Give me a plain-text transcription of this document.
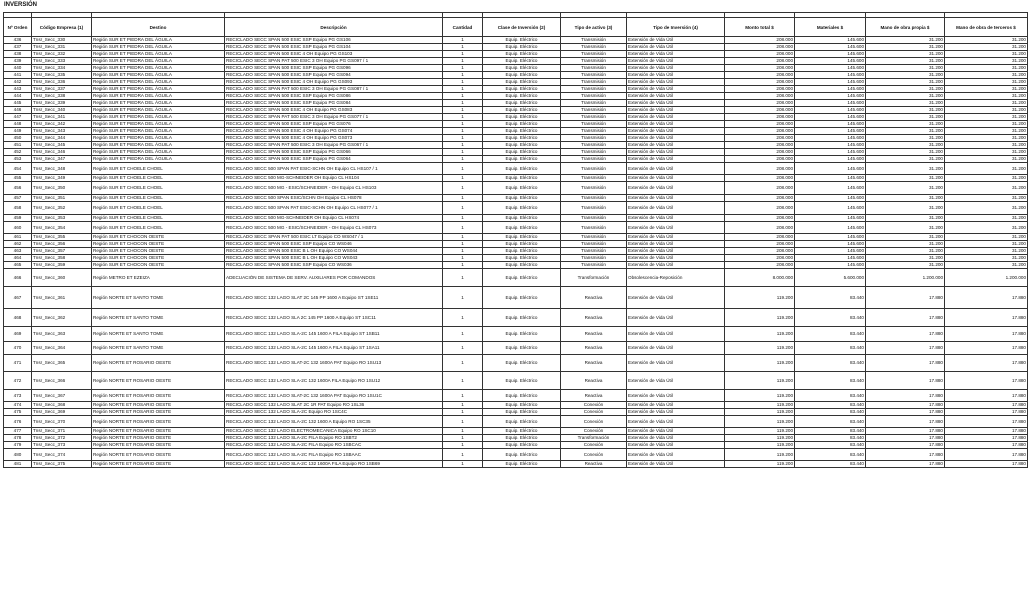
INVERSIÓN

Nº Orden	Código Empresa (1)	Destino	Descripción	Cantidad	Clase de Inversión (2)	Tipo de activo (3)	Tipo de Inversión (4)	Monto total $	Materiales $	Mano de obra propia $	Mano de obra de terceros $
436	Tnsr_Secc_330	Región SUR ET PIEDRA DEL ÁGUILA	RECICLADO SECC SPAN 500 ESIC SSP Equipo PG GS106	1	Equip. Eléctrico	Transmisión	Extensión de Vida Útil	208.000	145.600	31.200	31.200
437	Tnsr_Secc_331	Región SUR ET PIEDRA DEL ÁGUILA	RECICLADO SECC SPAN 500 ESIC SSP Equipo PG GS104	1	Equip. Eléctrico	Transmisión	Extensión de Vida Útil	208.000	145.600	31.200	31.200
438	Tnsr_Secc_332	Región SUR ET PIEDRA DEL ÁGUILA	RECICLADO SECC SPAN 500 ESIC 4 OH Equipo PG GS103	1	Equip. Eléctrico	Transmisión	Extensión de Vida Útil	208.000	145.600	31.200	31.200
439	Tnsr_Secc_333	Región SUR ET PIEDRA DEL ÁGUILA	RECICLADO SECC SPAN PAT 500 ESIC 3 OH Equipo PG GS097 / 1	1	Equip. Eléctrico	Transmisión	Extensión de Vida Útil	208.000	145.600	31.200	31.200
440	Tnsr_Secc_334	Región SUR ET PIEDRA DEL ÁGUILA	RECICLADO SECC SPAN 500 ESIC SSP Equipo PG GS096	1	Equip. Eléctrico	Transmisión	Extensión de Vida Útil	208.000	145.600	31.200	31.200
441	Tnsr_Secc_335	Región SUR ET PIEDRA DEL ÁGUILA	RECICLADO SECC SPAN 500 ESIC SSP Equipo PG GS094	1	Equip. Eléctrico	Transmisión	Extensión de Vida Útil	208.000	145.600	31.200	31.200
442	Tnsr_Secc_336	Región SUR ET PIEDRA DEL ÁGUILA	RECICLADO SECC SPAN 500 ESIC 4 OH Equipo PG GS093	1	Equip. Eléctrico	Transmisión	Extensión de Vida Útil	208.000	145.600	31.200	31.200
443	Tnsr_Secc_337	Región SUR ET PIEDRA DEL ÁGUILA	RECICLADO SECC SPAN PAT 500 ESIC 3 OH Equipo PG GS087 / 1	1	Equip. Eléctrico	Transmisión	Extensión de Vida Útil	208.000	145.600	31.200	31.200
444	Tnsr_Secc_338	Región SUR ET PIEDRA DEL ÁGUILA	RECICLADO SECC SPAN 500 ESIC SSP Equipo PG GS086	1	Equip. Eléctrico	Transmisión	Extensión de Vida Útil	208.000	145.600	31.200	31.200
445	Tnsr_Secc_339	Región SUR ET PIEDRA DEL ÁGUILA	RECICLADO SECC SPAN 500 ESIC SSP Equipo PG GS084	1	Equip. Eléctrico	Transmisión	Extensión de Vida Útil	208.000	145.600	31.200	31.200
446	Tnsr_Secc_340	Región SUR ET PIEDRA DEL ÁGUILA	RECICLADO SECC SPAN 500 ESIC 4 OH Equipo PG GS083	1	Equip. Eléctrico	Transmisión	Extensión de Vida Útil	208.000	145.600	31.200	31.200
447	Tnsr_Secc_341	Región SUR ET PIEDRA DEL ÁGUILA	RECICLADO SECC SPAN PAT 500 ESIC 3 OH Equipo PG GS077 / 1	1	Equip. Eléctrico	Transmisión	Extensión de Vida Útil	208.000	145.600	31.200	31.200
448	Tnsr_Secc_342	Región SUR ET PIEDRA DEL ÁGUILA	RECICLADO SECC SPAN 500 ESIC SSP Equipo PG GS076	1	Equip. Eléctrico	Transmisión	Extensión de Vida Útil	208.000	145.600	31.200	31.200
449	Tnsr_Secc_343	Región SUR ET PIEDRA DEL ÁGUILA	RECICLADO SECC SPAN 500 ESIC 4 OH Equipo PG GS074	1	Equip. Eléctrico	Transmisión	Extensión de Vida Útil	208.000	145.600	31.200	31.200
450	Tnsr_Secc_344	Región SUR ET PIEDRA DEL ÁGUILA	RECICLADO SECC SPAN 500 ESIC 4 OH Equipo PG GS073	1	Equip. Eléctrico	Transmisión	Extensión de Vida Útil	208.000	145.600	31.200	31.200
451	Tnsr_Secc_345	Región SUR ET PIEDRA DEL ÁGUILA	RECICLADO SECC SPAN PAT 500 ESIC 3 OH Equipo PG GS067 / 1	1	Equip. Eléctrico	Transmisión	Extensión de Vida Útil	208.000	145.600	31.200	31.200
452	Tnsr_Secc_346	Región SUR ET PIEDRA DEL ÁGUILA	RECICLADO SECC SPAN 500 ESIC SSP Equipo PG GS066	1	Equip. Eléctrico	Transmisión	Extensión de Vida Útil	208.000	145.600	31.200	31.200
453	Tnsr_Secc_347	Región SUR ET PIEDRA DEL ÁGUILA	RECICLADO SECC SPAN 500 ESIC SSP Equipo PG GS064	1	Equip. Eléctrico	Transmisión	Extensión de Vida Útil	208.000	145.600	31.200	31.200
454	Tnsr_Secc_348	Región SUR ET CHOELE CHOEL	RECICLADO SECC 500 SPAN PAT ESIC-SCHN OH Equipo CL HS107 / 1	1	Equip. Eléctrico	Transmisión	Extensión de Vida Útil	208.000	145.600	31.200	31.200
455	Tnsr_Secc_349	Región SUR ET CHOELE CHOEL	RECICLADO SECC 500 MG-SCHNEIDER OH Equipo CL HS104	1	Equip. Eléctrico	Transmisión	Extensión de Vida Útil	208.000	145.600	31.200	31.200
456	Tnsr_Secc_350	Región SUR ET CHOELE CHOEL	RECICLADO SECC 500 MG - ESIC/SCHNEIDER - OH Equipo CL HS103	1	Equip. Eléctrico	Transmisión	Extensión de Vida Útil	208.000	145.600	31.200	31.200
457	Tnsr_Secc_351	Región SUR ET CHOELE CHOEL	RECICLADO SECC 500 SPAN ESIC/SCHN OH Equipo CL HS078	1	Equip. Eléctrico	Transmisión	Extensión de Vida Útil	208.000	145.600	31.200	31.200
458	Tnsr_Secc_352	Región SUR ET CHOELE CHOEL	RECICLADO SECC 500 SPAN PAT ESIC-SCHN OH Equipo CL HS077 / 1	1	Equip. Eléctrico	Transmisión	Extensión de Vida Útil	208.000	145.600	31.200	31.200
459	Tnsr_Secc_353	Región SUR ET CHOELE CHOEL	RECICLADO SECC 500 MG-SCHNEIDER OH Equipo CL HS074	1	Equip. Eléctrico	Transmisión	Extensión de Vida Útil	208.000	145.600	31.200	31.200
460	Tnsr_Secc_354	Región SUR ET CHOELE CHOEL	RECICLADO SECC 500 MG - ESIC/SCHNEIDER - OH Equipo CL HS073	1	Equip. Eléctrico	Transmisión	Extensión de Vida Útil	208.000	145.600	31.200	31.200
461	Tnsr_Secc_355	Región SUR ET CHOCON OESTE	RECICLADO SECC SPAN PAT 500 ESIC LT Equipo CO WS047 / 1	1	Equip. Eléctrico	Transmisión	Extensión de Vida Útil	208.000	145.600	31.200	31.200
462	Tnsr_Secc_356	Región SUR ET CHOCON OESTE	RECICLADO SECC SPAN 500 ESIC SSP Equipo CO WS046	1	Equip. Eléctrico	Transmisión	Extensión de Vida Útil	208.000	145.600	31.200	31.200
463	Tnsr_Secc_357	Región SUR ET CHOCON OESTE	RECICLADO SECC SPAN 500 ESIC B L OH Equipo CO WS044	1	Equip. Eléctrico	Transmisión	Extensión de Vida Útil	208.000	145.600	31.200	31.200
464	Tnsr_Secc_358	Región SUR ET CHOCON OESTE	RECICLADO SECC SPAN 500 ESIC B L OH Equipo CO WS043	1	Equip. Eléctrico	Transmisión	Extensión de Vida Útil	208.000	145.600	31.200	31.200
465	Tnsr_Secc_359	Región SUR ET CHOCON OESTE	RECICLADO SECC SPAN 500 ESIC SSP Equipo CO WS036	1	Equip. Eléctrico	Transmisión	Extensión de Vida Útil	208.000	145.600	31.200	31.200
466	Tnsr_Secc_360	Región METRO ET EZEIZA	ADECUACIÓN DE SISTEMA DE SERV. AUXILIARES POR COMANDOS	1	Equip. Eléctrico	Transformación	Obsolescencia-Reposición	8.000.000	5.600.000	1.200.000	1.200.000
467	Tnsr_Secc_361	Región NORTE ET SANTO TOME	RECICLADO SECC 132 LAGO SLAT 2C 145 PP 1600 A Equipo ST 1SE11	1	Equip. Eléctrico	Reactiva	Extensión de Vida Útil	119.200	83.440	17.880	17.880
468	Tnsr_Secc_362	Región NORTE ET SANTO TOME	RECICLADO SECC 132 LAGO SLA 2C 145 PP 1600 A Equipo ST 1SC11	1	Equip. Eléctrico	Reactiva	Extensión de Vida Útil	119.200	83.440	17.880	17.880
469	Tnsr_Secc_363	Región NORTE ET SANTO TOME	RECICLADO SECC 132 LAGO SLA-2C 145 1600 A FILA Equipo ST 1SB11	1	Equip. Eléctrico	Reactiva	Extensión de Vida Útil	119.200	83.440	17.880	17.880
470	Tnsr_Secc_364	Región NORTE ET SANTO TOME	RECICLADO SECC 132 LAGO SLA-2C 145 1600 A FILA Equipo ST 1SA11	1	Equip. Eléctrico	Reactiva	Extensión de Vida Útil	119.200	83.440	17.880	17.880
471	Tnsr_Secc_365	Región NORTE ET ROSARIO OESTE	RECICLADO SECC 132 LAGO SLAT-2C 132 1600A PAT Equipo RO 1SU13	1	Equip. Eléctrico	Reactiva	Extensión de Vida Útil	119.200	83.440	17.880	17.880
472	Tnsr_Secc_366	Región NORTE ET ROSARIO OESTE	RECICLADO SECC 132 LAGO SLA-2C 132 1600A FILA Equipo RO 1SU12	1	Equip. Eléctrico	Reactiva	Extensión de Vida Útil	119.200	83.440	17.880	17.880
473	Tnsr_Secc_367	Región NORTE ET ROSARIO OESTE	RECICLADO SECC 132 LAGO SLAT-2C 132 1600A PAT Equipo RO 1SU1C	1	Equip. Eléctrico	Reactiva	Extensión de Vida Útil	119.200	83.440	17.880	17.880
474	Tnsr_Secc_368	Región NORTE ET ROSARIO OESTE	RECICLADO SECC 132 LAGO SLAT 2C 1R PAT Equipo RO 1SL36	1	Equip. Eléctrico	Conexión	Extensión de Vida Útil	119.200	83.440	17.880	17.880
475	Tnsr_Secc_369	Región NORTE ET ROSARIO OESTE	RECICLADO SECC 132 LAGO SLA-2C Equipo RO 1SC4C	1	Equip. Eléctrico	Conexión	Extensión de Vida Útil	119.200	83.440	17.880	17.880
476	Tnsr_Secc_370	Región NORTE ET ROSARIO OESTE	RECICLADO SECC 132 LAGO SLA-2C 132 1600 A Equipo RO 1SC35	1	Equip. Eléctrico	Conexión	Extensión de Vida Útil	119.200	83.440	17.880	17.880
477	Tnsr_Secc_371	Región NORTE ET ROSARIO OESTE	RECICLADO SECC 132 LAGO ELECTROMECANICA Equipo RO 1SC10	1	Equip. Eléctrico	Conexión	Extensión de Vida Útil	119.200	83.440	17.880	17.880
478	Tnsr_Secc_372	Región NORTE ET ROSARIO OESTE	RECICLADO SECC 132 LAGO SLA-2C FILA Equipo RO 1SBT2	1	Equip. Eléctrico	Transformación	Extensión de Vida Útil	119.200	83.440	17.880	17.880
479	Tnsr_Secc_373	Región NORTE ET ROSARIO OESTE	RECICLADO SECC 132 LAGO SLA-2C FILA Equipo RO 1SBCAC	1	Equip. Eléctrico	Conexión	Extensión de Vida Útil	119.200	83.440	17.880	17.880
480	Tnsr_Secc_374	Región NORTE ET ROSARIO OESTE	RECICLADO SECC 132 LAGO SLA-2C FILA Equipo RO 1SBAAC	1	Equip. Eléctrico	Conexión	Extensión de Vida Útil	119.200	83.440	17.880	17.880
481	Tnsr_Secc_375	Región NORTE ET ROSARIO OESTE	RECICLADO SECC 132 LAGO SLA-2C 132 1600A FILA Equipo RO 1SB69	1	Equip. Eléctrico	Reactiva	Extensión de Vida Útil	119.200	83.440	17.880	17.880
